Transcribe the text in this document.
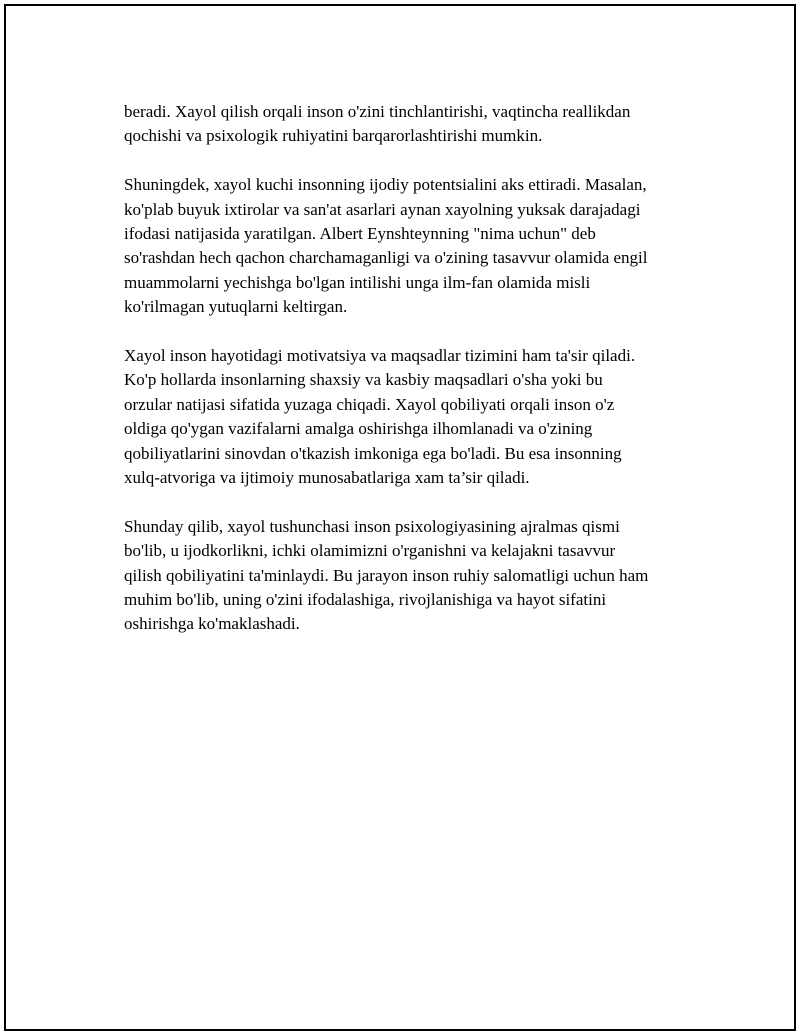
beradi. Xayol qilish orqali inson o'zini tinchlantirishi, vaqtincha reallikdan
qochishi va psixologik ruhiyatini barqarorlashtirishi mumkin.

Shuningdek, xayol kuchi insonning ijodiy potentsialini aks ettiradi. Masalan,
ko'plab buyuk ixtirolar va san'at asarlari aynan xayolning yuksak darajadagi
ifodasi natijasida yaratilgan. Albert Eynshteynning "nima uchun" deb
so'rashdan hech qachon charchamaganligi va o'zining tasavvur olamida engil
muammolarni yechishga bo'lgan intilishi unga ilm-fan olamida misli
ko'rilmagan yutuqlarni keltirgan.

Xayol inson hayotidagi motivatsiya va maqsadlar tizimini ham ta'sir qiladi.
Ko'p hollarda insonlarning shaxsiy va kasbiy maqsadlari o'sha yoki bu
orzular natijasi sifatida yuzaga chiqadi. Xayol qobiliyati orqali inson o'z
oldiga qo'ygan vazifalarni amalga oshirishga ilhomlanadi va o'zining
qobiliyatlarini sinovdan o'tkazish imkoniga ega bo'ladi. Bu esa insonning
xulq-atvoriga va ijtimoiy munosabatlariga xam ta’sir qiladi.

Shunday qilib, xayol tushunchasi inson psixologiyasining ajralmas qismi
bo'lib, u ijodkorlikni, ichki olamimizni o'rganishni va kelajakni tasavvur
qilish qobiliyatini ta'minlaydi. Bu jarayon inson ruhiy salomatligi uchun ham
muhim bo'lib, uning o'zini ifodalashiga, rivojlanishiga va hayot sifatini
oshirishga ko'maklashadi.
